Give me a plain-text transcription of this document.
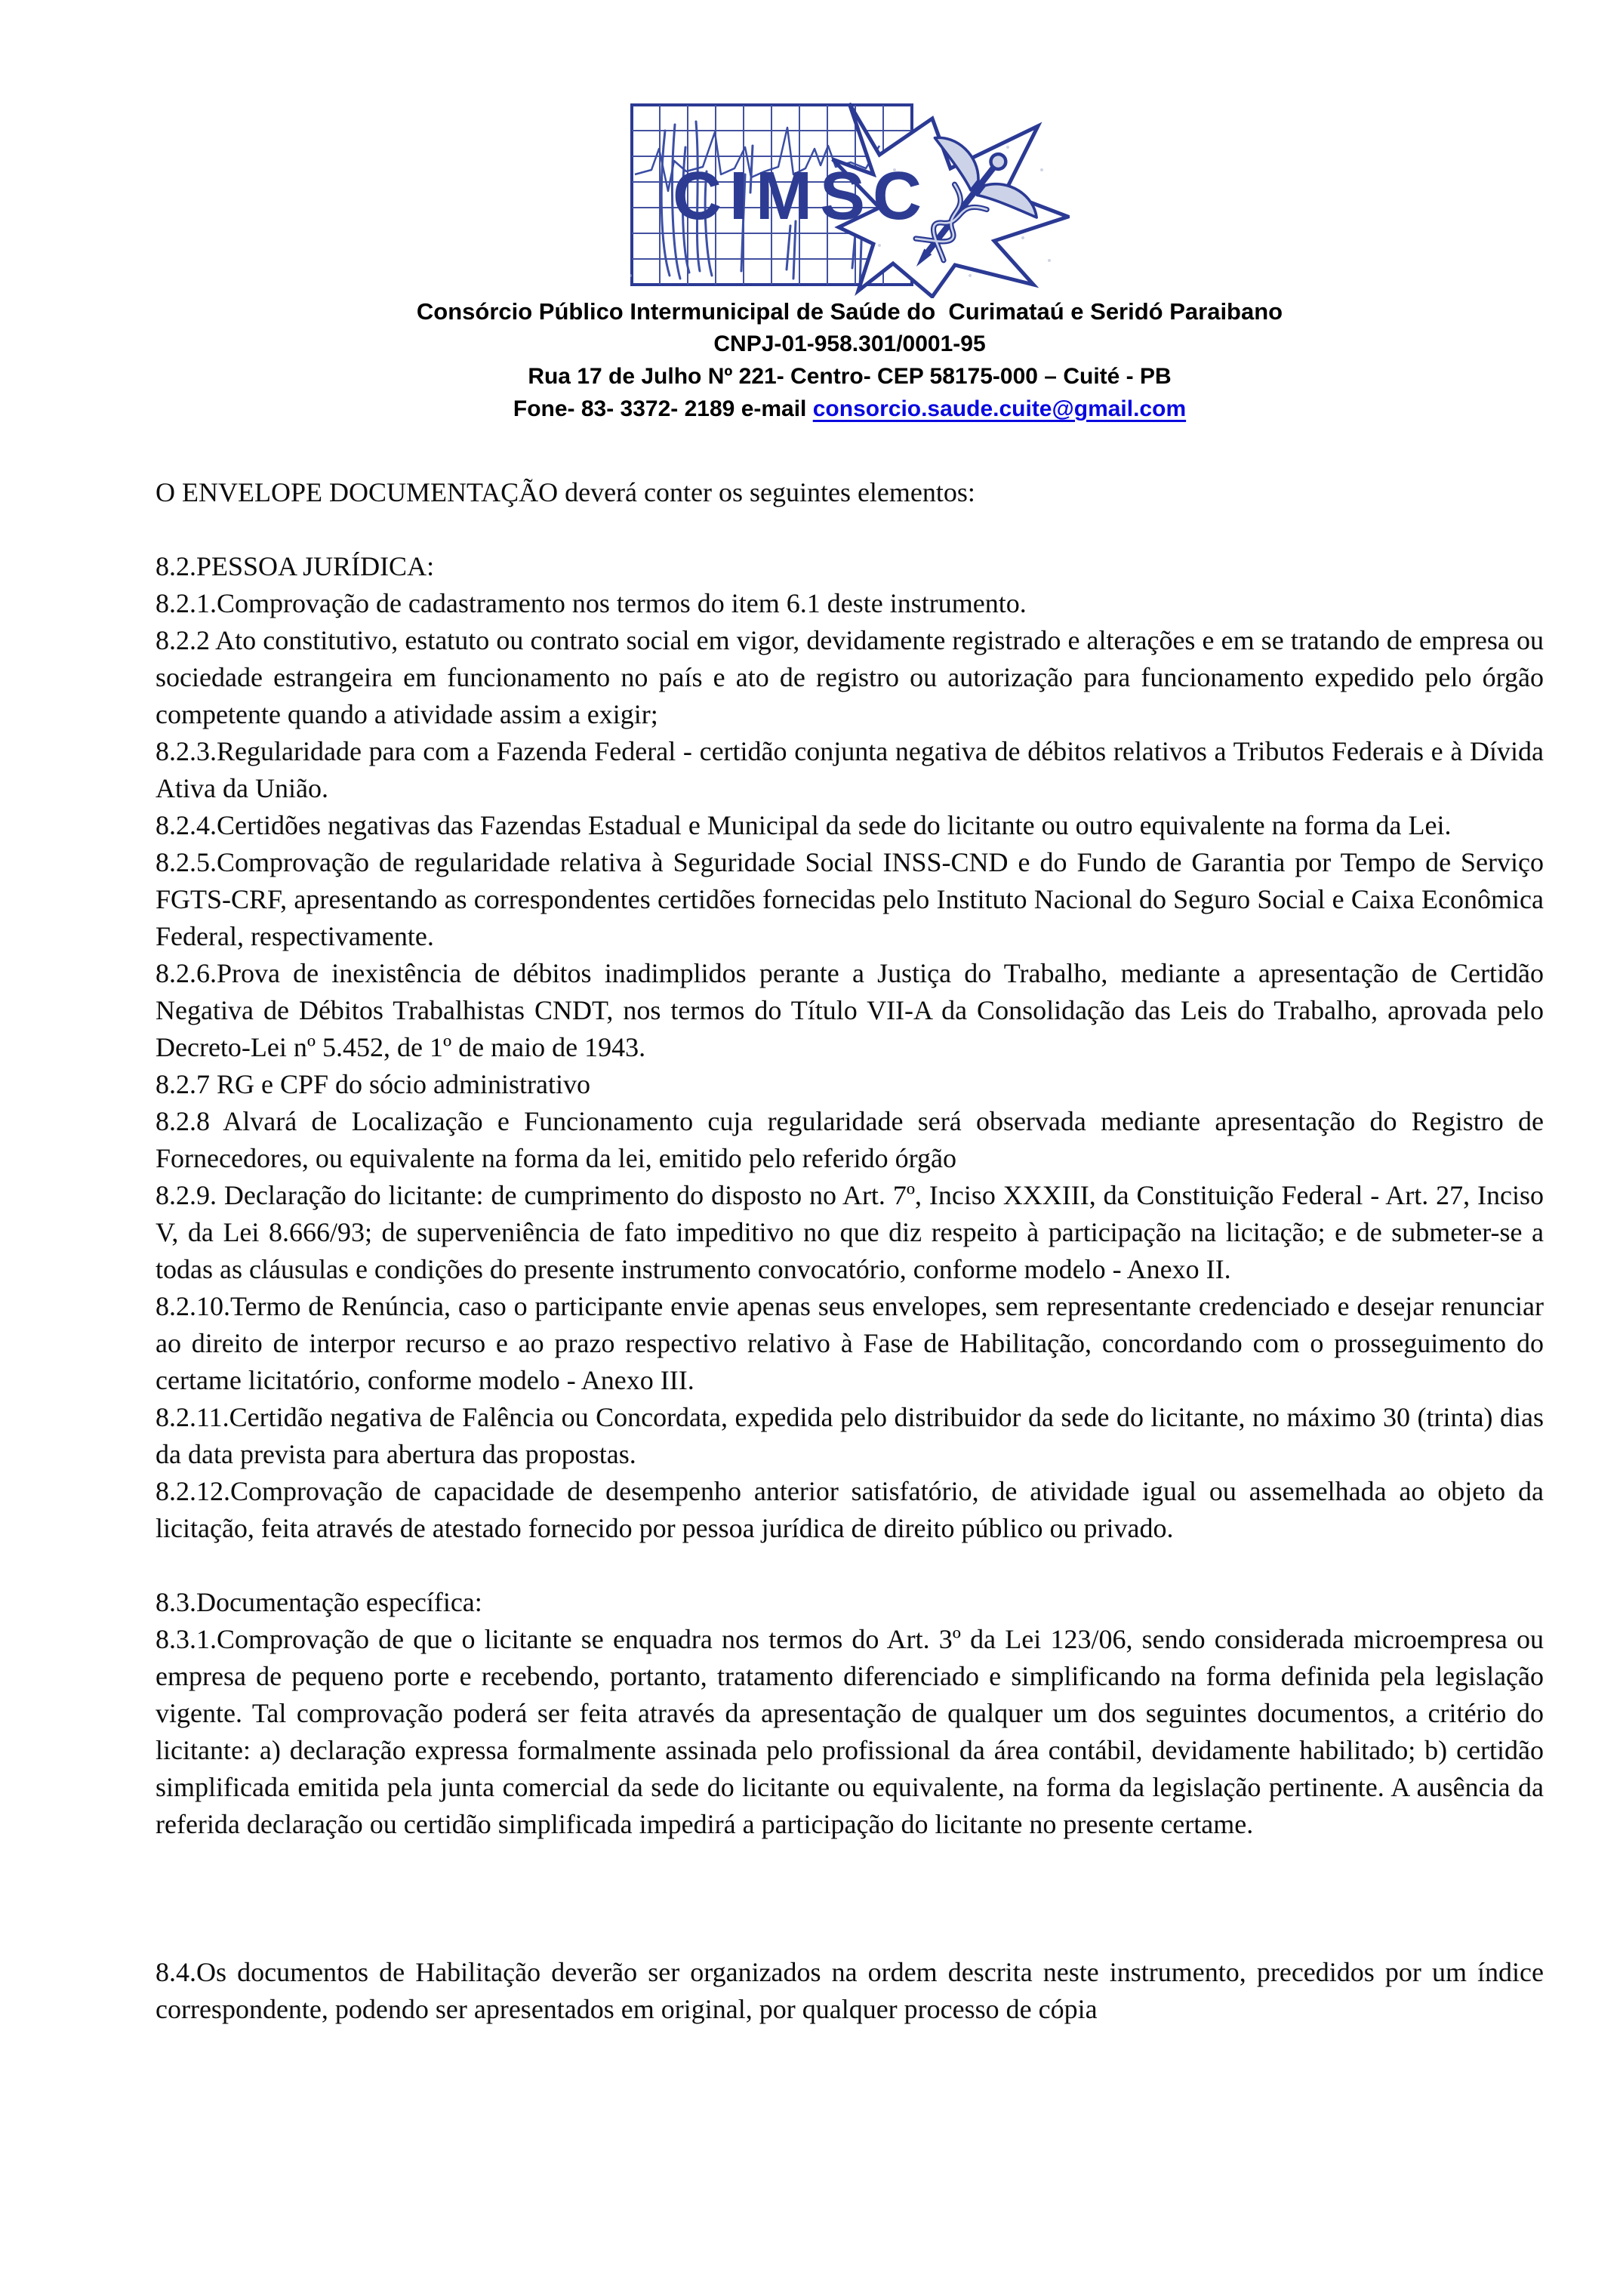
CIMSC
Consórcio Público Intermunicipal de Saúde do  Curimataú e Seridó Paraibano
CNPJ-01-958.301/0001-95
Rua 17 de Julho Nº 221- Centro- CEP 58175-000 – Cuité - PB
Fone- 83- 3372- 2189 e-mail consorcio.saude.cuite@gmail.com

O ENVELOPE DOCUMENTAÇÃO deverá conter os seguintes elementos:

8.2.PESSOA JURÍDICA:

8.2.1.Comprovação de cadastramento nos termos do item 6.1 deste instrumento.

8.2.2 Ato constitutivo, estatuto ou contrato social em vigor, devidamente registrado e alterações e em se tratando de empresa ou sociedade estrangeira em funcionamento no país e ato de registro ou autorização para funcionamento expedido pelo órgão competente quando a atividade assim a exigir;

8.2.3.Regularidade para com a Fazenda Federal - certidão conjunta negativa de débitos relativos a Tributos Federais e à Dívida Ativa da União.

8.2.4.Certidões negativas das Fazendas Estadual e Municipal da sede do licitante ou outro equivalente na forma da Lei.

8.2.5.Comprovação de regularidade relativa à Seguridade Social INSS-CND e do Fundo de Garantia por Tempo de Serviço FGTS-CRF, apresentando as correspondentes certidões fornecidas pelo Instituto Nacional do Seguro Social e Caixa Econômica Federal, respectivamente.

8.2.6.Prova de inexistência de débitos inadimplidos perante a Justiça do Trabalho, mediante a apresentação de Certidão Negativa de Débitos Trabalhistas CNDT, nos termos do Título VII-A da Consolidação das Leis do Trabalho, aprovada pelo Decreto-Lei nº 5.452, de 1º de maio de 1943.

8.2.7 RG e CPF do sócio administrativo

8.2.8 Alvará de Localização e Funcionamento cuja regularidade será observada mediante apresentação do Registro de Fornecedores, ou equivalente na forma da lei, emitido pelo referido órgão

8.2.9. Declaração do licitante: de cumprimento do disposto no Art. 7º, Inciso XXXIII, da Constituição Federal - Art. 27, Inciso V, da Lei 8.666/93; de superveniência de fato impeditivo no que diz respeito à participação na licitação; e de submeter-se a todas as cláusulas e condições do presente instrumento convocatório, conforme modelo - Anexo II.

8.2.10.Termo de Renúncia, caso o participante envie apenas seus envelopes, sem representante credenciado e desejar renunciar ao direito de interpor recurso e ao prazo respectivo relativo à Fase de Habilitação, concordando com o prosseguimento do certame licitatório, conforme modelo - Anexo III.

8.2.11.Certidão negativa de Falência ou Concordata, expedida pelo distribuidor da sede do licitante, no máximo 30 (trinta) dias da data prevista para abertura das propostas.

8.2.12.Comprovação de capacidade de desempenho anterior satisfatório, de atividade igual ou assemelhada ao objeto da licitação, feita através de atestado fornecido por pessoa jurídica de direito público ou privado.

8.3.Documentação específica:

8.3.1.Comprovação de que o licitante se enquadra nos termos do Art. 3º da Lei 123/06, sendo considerada microempresa ou empresa de pequeno porte e recebendo, portanto, tratamento diferenciado e simplificando na forma definida pela legislação vigente. Tal comprovação poderá ser feita através da apresentação de qualquer um dos seguintes documentos, a critério do licitante: a) declaração expressa formalmente assinada pelo profissional da área contábil, devidamente habilitado; b) certidão simplificada emitida pela junta comercial da sede do licitante ou equivalente, na forma da legislação pertinente. A ausência da referida declaração ou certidão simplificada impedirá a participação do licitante no presente certame.

8.4.Os documentos de Habilitação deverão ser organizados na ordem descrita neste instrumento, precedidos por um índice correspondente, podendo ser apresentados em original, por qualquer processo de cópia
